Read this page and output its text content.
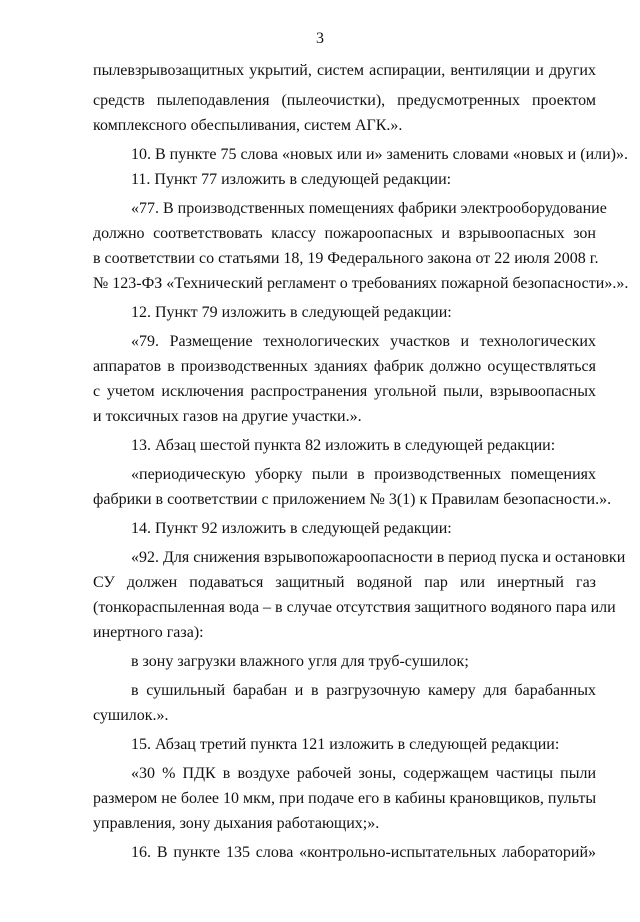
3
пылевзрывозащитных укрытий, систем аспирации, вентиляции и других
средств пылеподавления (пылеочистки), предусмотренных проектом
комплексного обеспыливания, систем АГК.».
10. В пункте 75 слова «новых или и» заменить словами «новых и (или)».
11. Пункт 77 изложить в следующей редакции:
«77. В производственных помещениях фабрики электрооборудование
должно соответствовать классу пожароопасных и взрывоопасных зон
в соответствии со статьями 18, 19 Федерального закона от 22 июля 2008 г.
№ 123-ФЗ «Технический регламент о требованиях пожарной безопасности».».
12. Пункт 79 изложить в следующей редакции:
«79. Размещение технологических участков и технологических
аппаратов в производственных зданиях фабрик должно осуществляться
с учетом исключения распространения угольной пыли, взрывоопасных
и токсичных газов на другие участки.».
13. Абзац шестой пункта 82 изложить в следующей редакции:
«периодическую уборку пыли в производственных помещениях
фабрики в соответствии с приложением № 3(1) к Правилам безопасности.».
14. Пункт 92 изложить в следующей редакции:
«92. Для снижения взрывопожароопасности в период пуска и остановки
СУ должен подаваться защитный водяной пар или инертный газ
(тонкораспыленная вода – в случае отсутствия защитного водяного пара или
инертного газа):
в зону загрузки влажного угля для труб-сушилок;
в сушильный барабан и в разгрузочную камеру для барабанных
сушилок.».
15. Абзац третий пункта 121 изложить в следующей редакции:
«30 % ПДК в воздухе рабочей зоны, содержащем частицы пыли
размером не более 10 мкм, при подаче его в кабины крановщиков, пульты
управления, зону дыхания работающих;».
16. В пункте 135 слова «контрольно-испытательных лабораторий»
